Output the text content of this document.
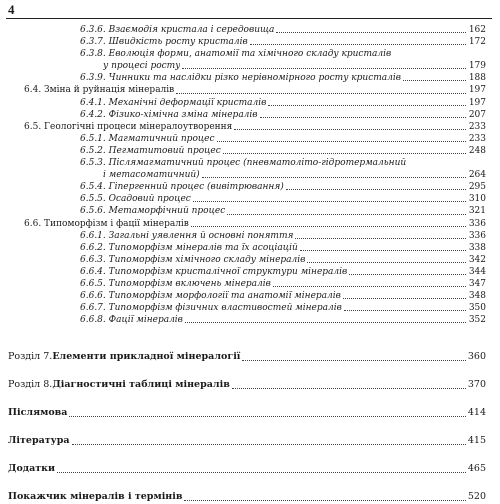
4
6.3.6. Взаємодія кристала і середовища	162
6.3.7. Швидкість росту кристалів	172
6.3.8. Еволюція форми, анатомії та хімічного складу кристалів
у процесі росту	179
6.3.9. Чинники та наслідки різко нерівномірного росту кристалів	188
6.4. Зміна й руйнація мінералів	197
6.4.1. Механічні деформації кристалів	197
6.4.2. Фізико-хімічна зміна мінералів	207
6.5. Геологічні процеси мінералоутворення	233
6.5.1. Магматичний процес	233
6.5.2. Пегматитовий процес	248
6.5.3. Післямагматичний процес (пневматоліто-гідротермальний
і метасоматичний)	264
6.5.4. Гіпергенний процес (вивітрювання)	295
6.5.5. Осадовий процес	310
6.5.6. Метаморфічний процес	321
6.6. Типоморфізм і фації мінералів	336
6.6.1. Загальні уявлення й основні поняття	336
6.6.2. Типоморфізм мінералів та їх асоціацій	338
6.6.3. Типоморфізм хімічного складу мінералів	342
6.6.4. Типоморфізм кристалічної структури мінералів	344
6.6.5. Типоморфізм включень мінералів	347
6.6.6. Типоморфізм морфології та анатомії мінералів	348
6.6.7. Типоморфізм фізичних властивостей мінералів	350
6.6.8. Фації мінералів	352
Розділ 7. Елементи прикладної мінералогії	360
Розділ 8. Діагностичні таблиці мінералів	370
Післямова	414
Література	415
Додатки	465
Покажчик мінералів і термінів	520
